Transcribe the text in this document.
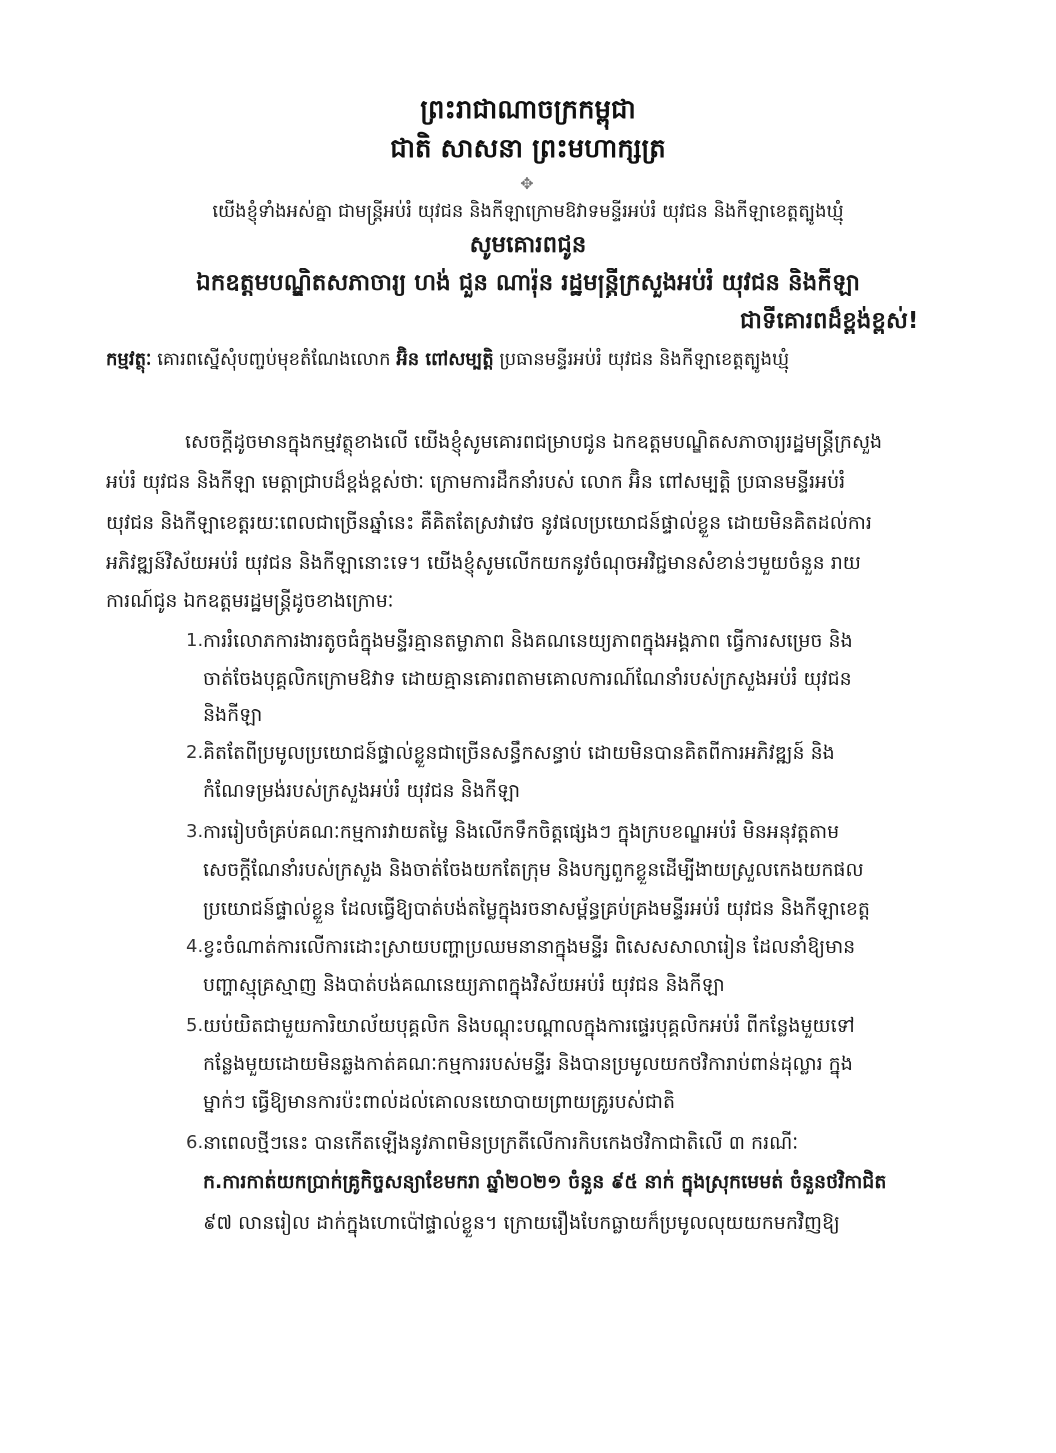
ព្រះរាជាណាចក្រកម្ពុជា
ជាតិ សាសនា ព្រះមហាក្សត្រ
✥
យើងខ្ញុំទាំងអស់គ្នា ជាមន្ត្រីអប់រំ យុវជន និងកីឡាក្រោមឱវាទមន្ទីរអប់រំ យុវជន និងកីឡាខេត្តត្បូងឃ្មុំ
សូមគោរពជូន
ឯកឧត្តមបណ្ឌិតសភាចារ្យ ហង់ ជួន ណារ៉ុន រដ្ឋមន្ត្រីក្រសួងអប់រំ យុវជន និងកីឡា
ជាទីគោរពដ៏ខ្ពង់ខ្ពស់!
កម្មវត្ថុៈ គោរពស្នើសុំបញ្ចប់មុខតំណែងលោក អ៊ិន ពៅសម្បត្តិ ប្រធានមន្ទីរអប់រំ យុវជន និងកីឡាខេត្តត្បូងឃ្មុំ
សេចក្ដីដូចមានក្នុងកម្មវត្ថុខាងលើ យើងខ្ញុំសូមគោរពជម្រាបជូន ឯកឧត្តមបណ្ឌិតសភាចារ្យរដ្ឋមន្ត្រីក្រសួង
អប់រំ យុវជន និងកីឡា មេត្តាជ្រាបដ៏ខ្ពង់ខ្ពស់ថាៈ ក្រោមការដឹកនាំរបស់ លោក អ៊ិន ពៅសម្បត្តិ ប្រធានមន្ទីរអប់រំ
យុវជន និងកីឡាខេត្តរយៈពេលជាច្រើនឆ្នាំនេះ គឺគិតតែស្រវាវេច នូវផលប្រយោជន៍ផ្ទាល់ខ្លួន ដោយមិនគិតដល់ការ
អភិវឌ្ឍន៍វិស័យអប់រំ យុវជន និងកីឡានោះទេ។ យើងខ្ញុំសូមលើកយកនូវចំណុចអវិជ្ជមានសំខាន់ៗមួយចំនួន រាយ
ការណ៍ជូន ឯកឧត្តមរដ្ឋមន្ត្រីដូចខាងក្រោមៈ
1. ការរំលោភការងារតូចធំក្នុងមន្ទីរគ្មានតម្លាភាព និងគណនេយ្យភាពក្នុងអង្គភាព ធ្វើការសម្រេច និង
ចាត់ចែងបុគ្គលិកក្រោមឱវាទ ដោយគ្មានគោរពតាមគោលការណ៍ណែនាំរបស់ក្រសួងអប់រំ យុវជន
និងកីឡា
2. គិតតែពីប្រមូលប្រយោជន៍ផ្ទាល់ខ្លួនជាច្រើនសន្ធឹកសន្ធាប់ ដោយមិនបានគិតពីការអភិវឌ្ឍន៍ និង
កំណែទម្រង់របស់ក្រសួងអប់រំ យុវជន និងកីឡា
3. ការរៀបចំគ្រប់គណៈកម្មការវាយតម្លៃ និងលើកទឹកចិត្តផ្សេងៗ ក្នុងក្របខណ្ឌអប់រំ មិនអនុវត្តតាម
សេចក្ដីណែនាំរបស់ក្រសួង និងចាត់ចែងយកតែក្រុម និងបក្សពួកខ្លួនដើម្បីងាយស្រួលកេងយកផល
ប្រយោជន៍ផ្ទាល់ខ្លួន ដែលធ្វើឱ្យបាត់បង់តម្លៃក្នុងរចនាសម្ព័ន្ធគ្រប់គ្រងមន្ទីរអប់រំ យុវជន និងកីឡាខេត្ត
4. ខ្វះចំណាត់ការលើការដោះស្រាយបញ្ហាប្រឈមនានាក្នុងមន្ទីរ ពិសេសសាលារៀន ដែលនាំឱ្យមាន
បញ្ហាស្មុគ្រស្មាញ និងបាត់បង់គណនេយ្យភាពក្នុងវិស័យអប់រំ យុវជន និងកីឡា
5. យប់យិតជាមួយការិយាល័យបុគ្គលិក និងបណ្ដុះបណ្ដាលក្នុងការផ្ទេរបុគ្គលិកអប់រំ ពីកន្លែងមួយទៅ
កន្លែងមួយដោយមិនឆ្លងកាត់គណៈកម្មការរបស់មន្ទីរ និងបានប្រមូលយកថវិការាប់ពាន់ដុល្លារ ក្នុង
ម្នាក់ៗ ធ្វើឱ្យមានការប៉ះពាល់ដល់គោលនយោបាយព្រាយគ្រូរបស់ជាតិ
6. នាពេលថ្មីៗនេះ បានកើតឡើងនូវភាពមិនប្រក្រតីលើការកិបកេងថវិកាជាតិលើ ៣ ករណីៈ
ក.ការកាត់យកប្រាក់គ្រូកិច្ចសន្យាខែមករា ឆ្នាំ២០២១ ចំនួន ៩៥ នាក់ ក្នុងស្រុកមេមត់ ចំនួនថវិកាជិត
៩៧ លានរៀល ដាក់ក្នុងហោប៉ៅផ្ទាល់ខ្លួន។ ក្រោយរឿងបែកធ្លាយក៏ប្រមូលលុយយកមកវិញឱ្យ
